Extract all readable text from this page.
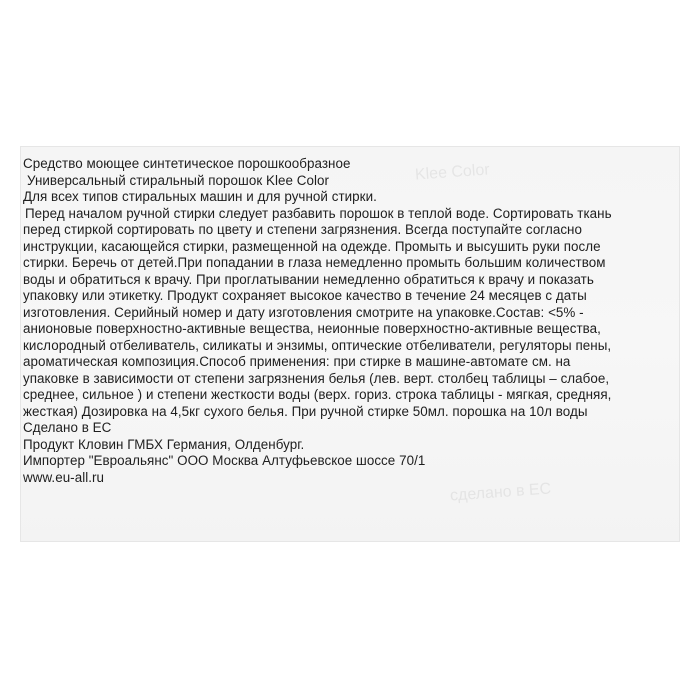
Klee Color
сделано в ЕС
Средство моющее синтетическое порошкообразное
Универсальный стиральный порошок Klee Color
Для всех типов стиральных машин и для ручной стирки.
Перед началом ручной стирки следует разбавить порошок в теплой воде. Сортировать ткань
перед стиркой сортировать по цвету и степени загрязнения. Всегда поступайте согласно
инструкции, касающейся стирки, размещенной на одежде. Промыть и высушить руки после
стирки. Беречь от детей.При попадании в глаза немедленно промыть большим количеством
воды и обратиться к врачу. При проглатывании немедленно обратиться к врачу и показать
упаковку или этикетку. Продукт сохраняет высокое качество в течение 24 месяцев с даты
изготовления. Серийный номер и дату изготовления смотрите на упаковке.Состав: <5% -
анионовые поверхностно-активные вещества, неионные поверхностно-активные вещества,
кислородный отбеливатель, силикаты и энзимы, оптические отбеливатели, регуляторы пены,
ароматическая композиция.Способ применения: при стирке в машине-автомате см. на
упаковке в зависимости от степени загрязнения белья (лев. верт. столбец таблицы – слабое,
среднее, сильное ) и степени жесткости воды (верх. гориз. строка таблицы - мягкая, средняя,
жесткая) Дозировка на 4,5кг сухого белья. При ручной стирке 50мл. порошка на 10л воды
Сделано в ЕС
Продукт Кловин ГМБХ Германия, Олденбург.
Импортер "Евроальянс" ООО Москва Алтуфьевское шоссе 70/1
www.eu-all.ru
